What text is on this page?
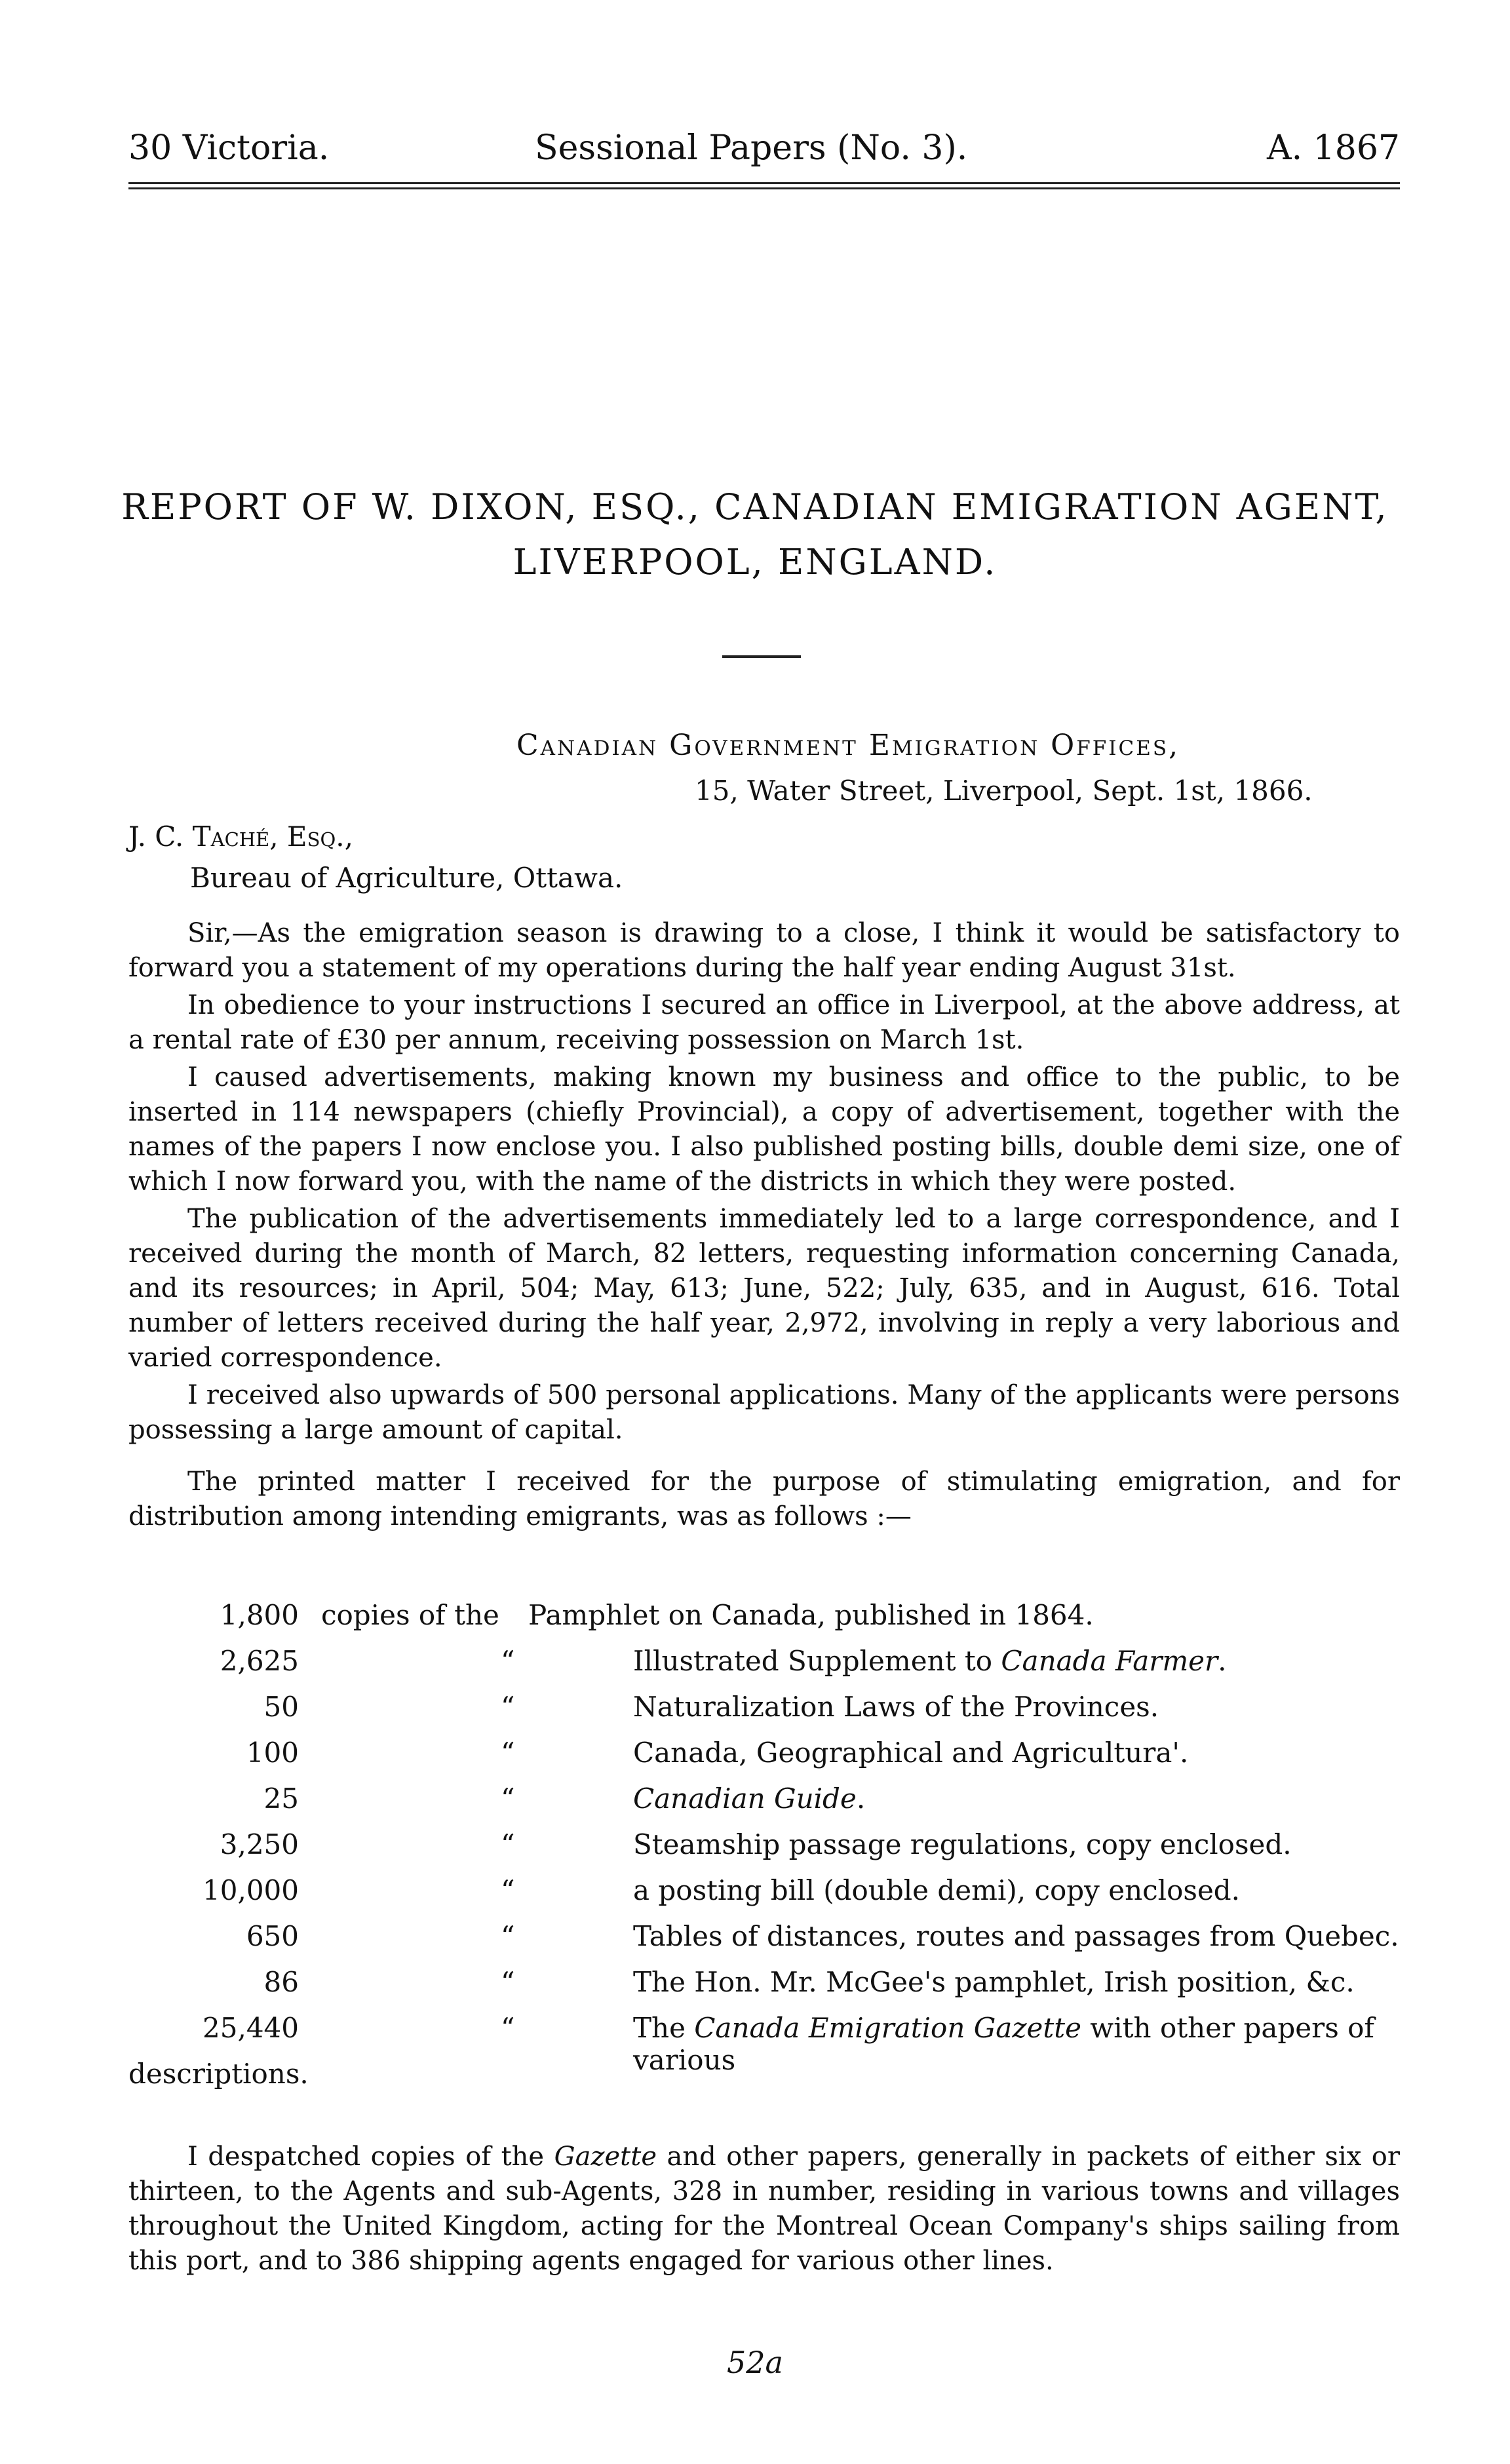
30 Victoria.	Sessional Papers (No. 3).	A. 1867
REPORT OF W. DIXON, ESQ., CANADIAN EMIGRATION AGENT,
LIVERPOOL, ENGLAND.
Canadian Government Emigration Offices,
15, Water Street, Liverpool, Sept. 1st, 1866.
J. C. Taché, Esq.,
Bureau of Agriculture, Ottawa.

Sir,—As the emigration season is drawing to a close, I think it would be satisfactory to forward you a statement of my operations during the half year ending August 31st.

In obedience to your instructions I secured an office in Liverpool, at the above address, at a rental rate of £30 per annum, receiving possession on March 1st.

I caused advertisements, making known my business and office to the public, to be inserted in 114 newspapers (chiefly Provincial), a copy of advertisement, together with the names of the papers I now enclose you. I also published posting bills, double demi size, one of which I now forward you, with the name of the districts in which they were posted.

The publication of the advertisements immediately led to a large correspondence, and I received during the month of March, 82 letters, requesting information concerning Canada, and its resources; in April, 504; May, 613; June, 522; July, 635, and in August, 616. Total number of letters received during the half year, 2,972, involving in reply a very laborious and varied correspondence.

I received also upwards of 500 personal applications. Many of the applicants were persons possessing a large amount of capital.

The printed matter I received for the purpose of stimulating emigration, and for distribution among intending emigrants, was as follows :—

1,800 copies of the Pamphlet on Canada, published in 1864.
2,625	“	Illustrated Supplement to Canada Farmer.
50	“	Naturalization Laws of the Provinces.
100	“	Canada, Geographical and Agricultura'.
25	“	Canadian Guide.
3,250	“	Steamship passage regulations, copy enclosed.
10,000	“	a posting bill (double demi), copy enclosed.
650	“	Tables of distances, routes and passages from Quebec.
86	“	The Hon. Mr. McGee's pamphlet, Irish position, &c.
25,440	“	The Canada Emigration Gazette with other papers of various
descriptions.

I despatched copies of the Gazette and other papers, generally in packets of either six or thirteen, to the Agents and sub-Agents, 328 in number, residing in various towns and villages throughout the United Kingdom, acting for the Montreal Ocean Company's ships sailing from this port, and to 386 shipping agents engaged for various other lines.

52a
